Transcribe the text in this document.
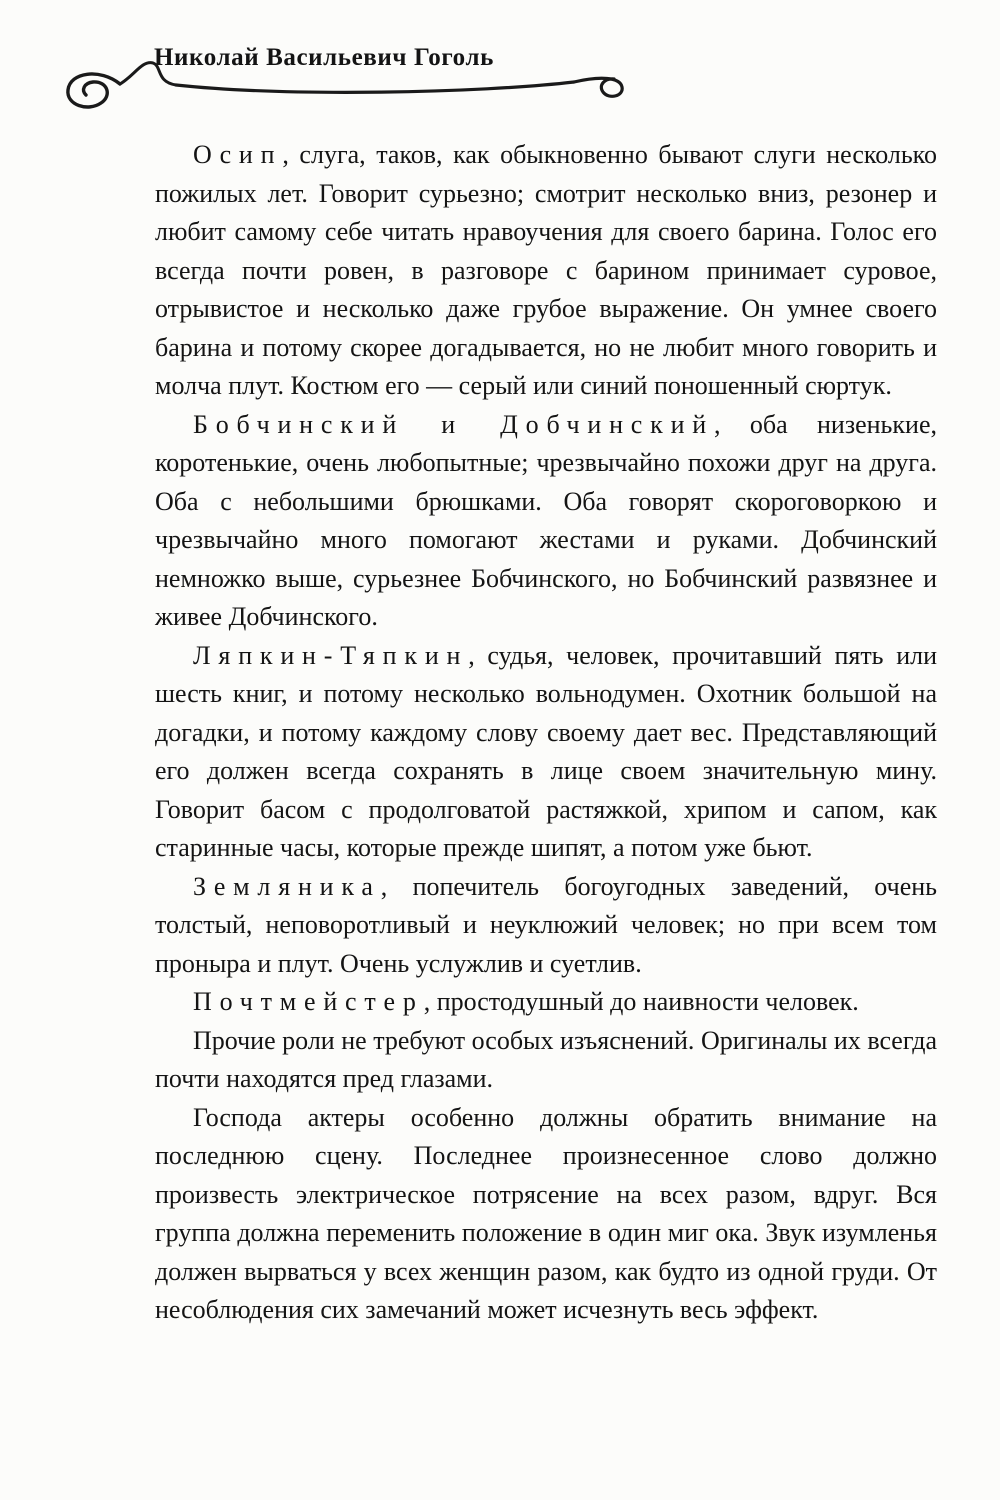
Николай Васильевич Гоголь

Осип, слуга, таков, как обыкновенно бывают слуги несколько пожилых лет. Говорит сурьезно; смотрит несколько вниз, резонер и любит самому себе читать нравоучения для своего барина. Голос его всегда почти ровен, в разговоре с барином принимает суровое, отрывистое и несколько даже грубое выражение. Он умнее своего барина и потому скорее догадывается, но не любит много говорить и молча плут. Костюм его — серый или синий поношенный сюртук.

Бобчинский и Добчинский, оба низенькие, коротенькие, очень любопытные; чрезвычайно похожи друг на друга. Оба с небольшими брюшками. Оба говорят скороговоркою и чрезвычайно много помогают жестами и руками. Добчинский немножко выше, сурьезнее Бобчинского, но Бобчинский развязнее и живее Добчинского.

Ляпкин-Тяпкин, судья, человек, прочитавший пять или шесть книг, и потому несколько вольнодумен. Охотник большой на догадки, и потому каждому слову своему дает вес. Представляющий его должен всегда сохранять в лице своем значительную мину. Говорит басом с продолговатой растяжкой, хрипом и сапом, как старинные часы, которые прежде шипят, а потом уже бьют.

Земляника, попечитель богоугодных заведений, очень толстый, неповоротливый и неуклюжий человек; но при всем том проныра и плут. Очень услужлив и суетлив.

Почтмейстер, простодушный до наивности человек.

Прочие роли не требуют особых изъяснений. Оригиналы их всегда почти находятся пред глазами.

Господа актеры особенно должны обратить внимание на последнюю сцену. Последнее произнесенное слово должно произвесть электрическое потрясение на всех разом, вдруг. Вся группа должна переменить положение в один миг ока. Звук изумленья должен вырваться у всех женщин разом, как будто из одной груди. От несоблюдения сих замечаний может исчезнуть весь эффект.
